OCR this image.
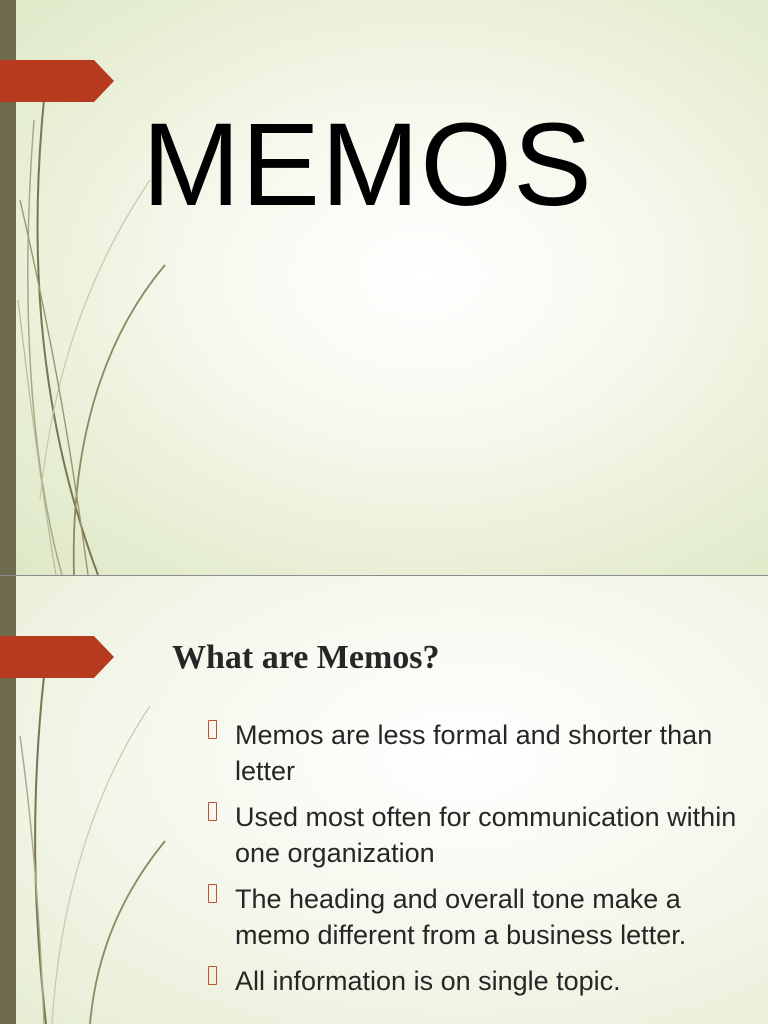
MEMOS
What are Memos?
Memos are less formal and shorter than letter
Used most often for communication within one organization
The heading and overall tone make a memo different from a business letter.
All information is on single topic.
